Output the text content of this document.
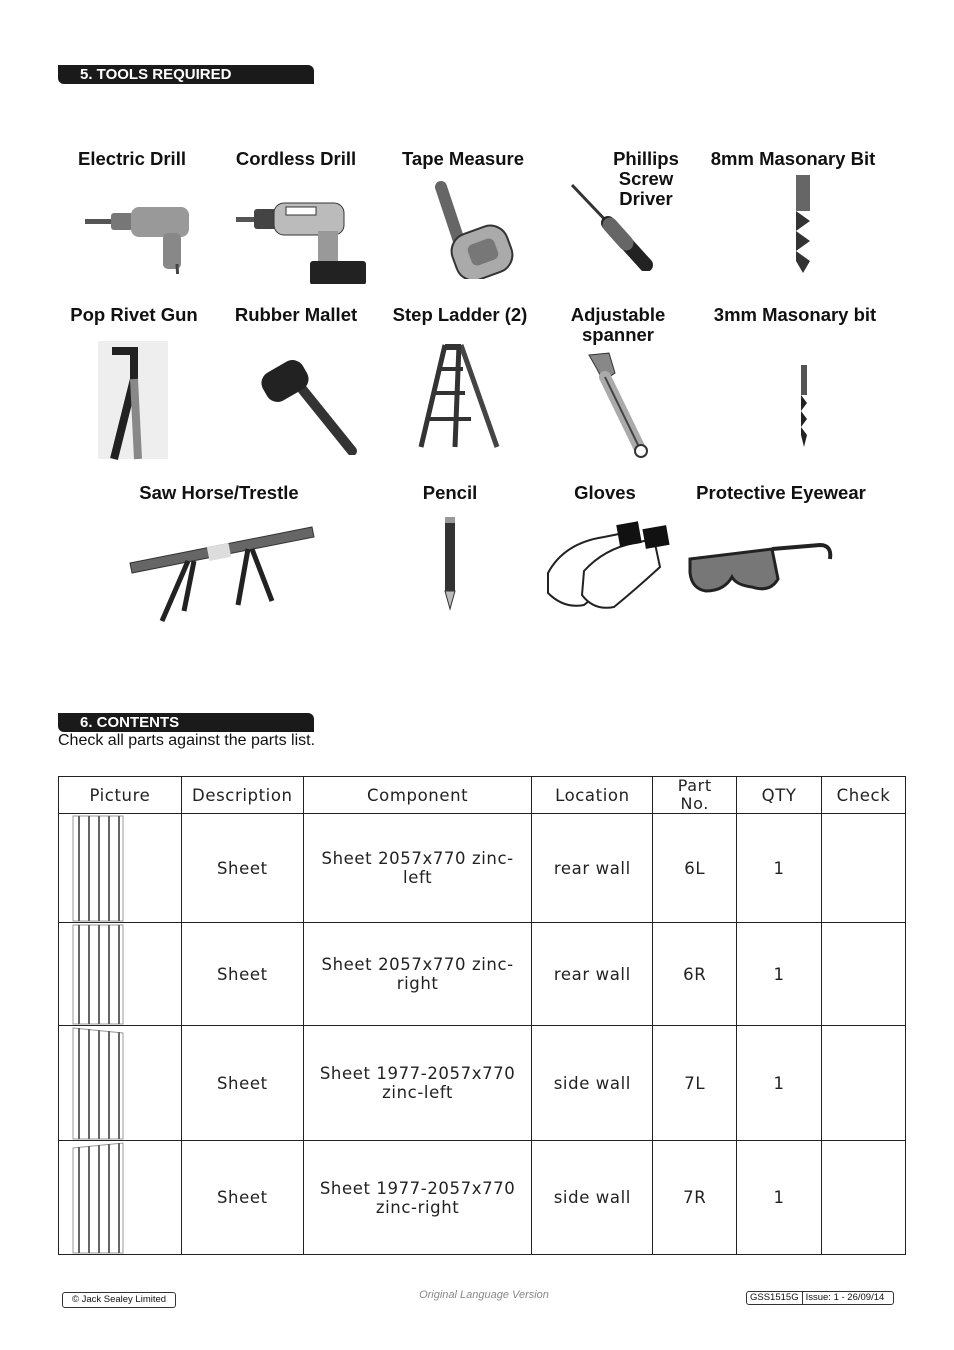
5. TOOLS REQUIRED
Electric Drill	Cordless Drill	Tape Measure	Phillips
Screw
Driver
8mm Masonary Bit
Pop Rivet Gun	Rubber Mallet	Step Ladder (2)	Adjustable
spanner
3mm Masonary bit
Saw Horse/Trestle	Pencil	Gloves	Protective Eyewear
6. CONTENTS
Check all parts against the parts list.
Picture	Description	Component	Location	Part
No.	QTY	Check

	Sheet	Sheet 2057x770 zinc-
left	rear wall	6L	1	

	Sheet	Sheet 2057x770 zinc-
right	rear wall	6R	1	

	Sheet	Sheet 1977-2057x770
zinc-left	side wall	7L	1	

	Sheet	Sheet 1977-2057x770
zinc-right	side wall	7R	1	
© Jack Sealey Limited	Original Language Version	GSS1515G Issue: 1 - 26/09/14
